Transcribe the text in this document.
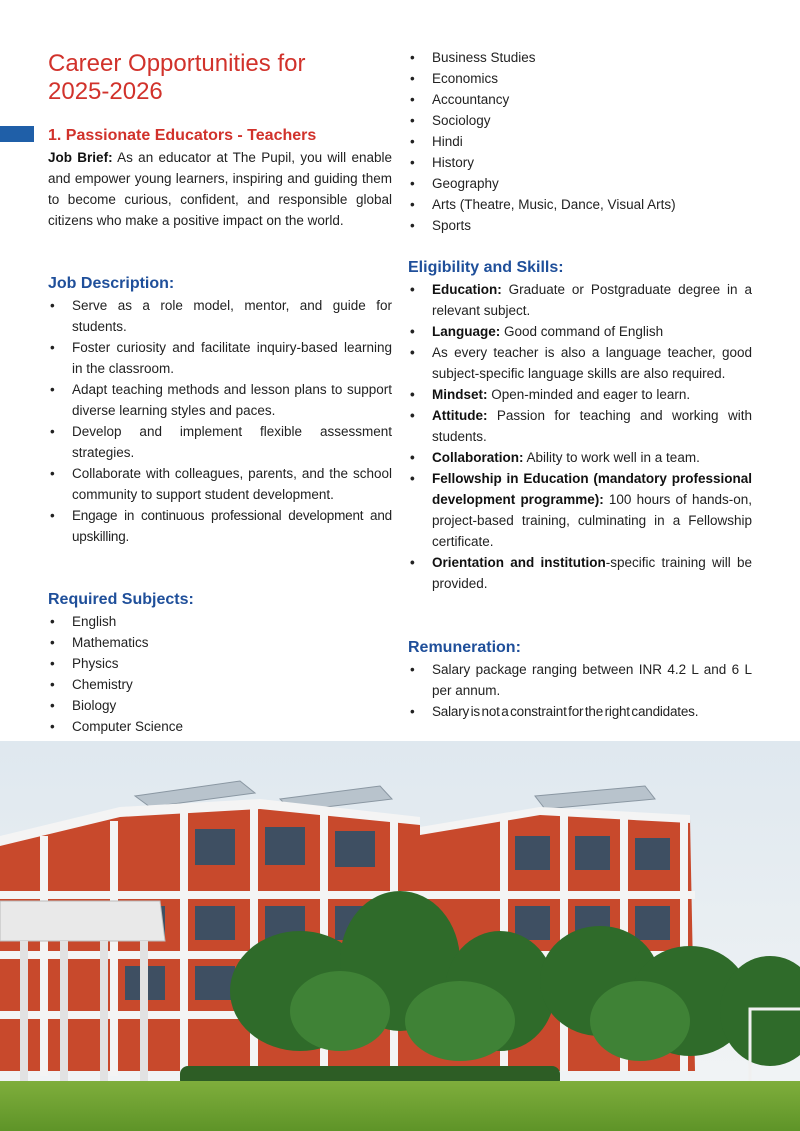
Career Opportunities for 2025-2026
1. Passionate Educators - Teachers

Job Brief: As an educator at The Pupil, you will enable and empower young learners, inspiring and guiding them to become curious, confident, and responsible global citizens who make a positive impact on the world.

Job Description:
• Serve as a role model, mentor, and guide for students.
• Foster curiosity and facilitate inquiry-based learning in the classroom.
• Adapt teaching methods and lesson plans to support diverse learning styles and paces.
• Develop and implement flexible assessment strategies.
• Collaborate with colleagues, parents, and the school community to support student development.
• Engage in continuous professional development and upskilling.
Required Subjects:
• English
• Mathematics
• Physics
• Chemistry
• Biology
• Computer Science
• Business Studies
• Economics
• Accountancy
• Sociology
• Hindi
• History
• Geography
• Arts (Theatre, Music, Dance, Visual Arts)
• Sports
Eligibility and Skills:
• Education: Graduate or Postgraduate degree in a relevant subject.
• Language: Good command of English
• As every teacher is also a language teacher, good subject-specific language skills are also required.
• Mindset: Open-minded and eager to learn.
• Attitude: Passion for teaching and working with students.
• Collaboration: Ability to work well in a team.
• Fellowship in Education (mandatory professional development programme): 100 hours of hands-on, project-based training, culminating in a Fellowship certificate.
• Orientation and institution-specific training will be provided.
Remuneration:
• Salary package ranging between INR 4.2 L and 6 L per annum.
• Salary is not a constraint for the right candidates.
